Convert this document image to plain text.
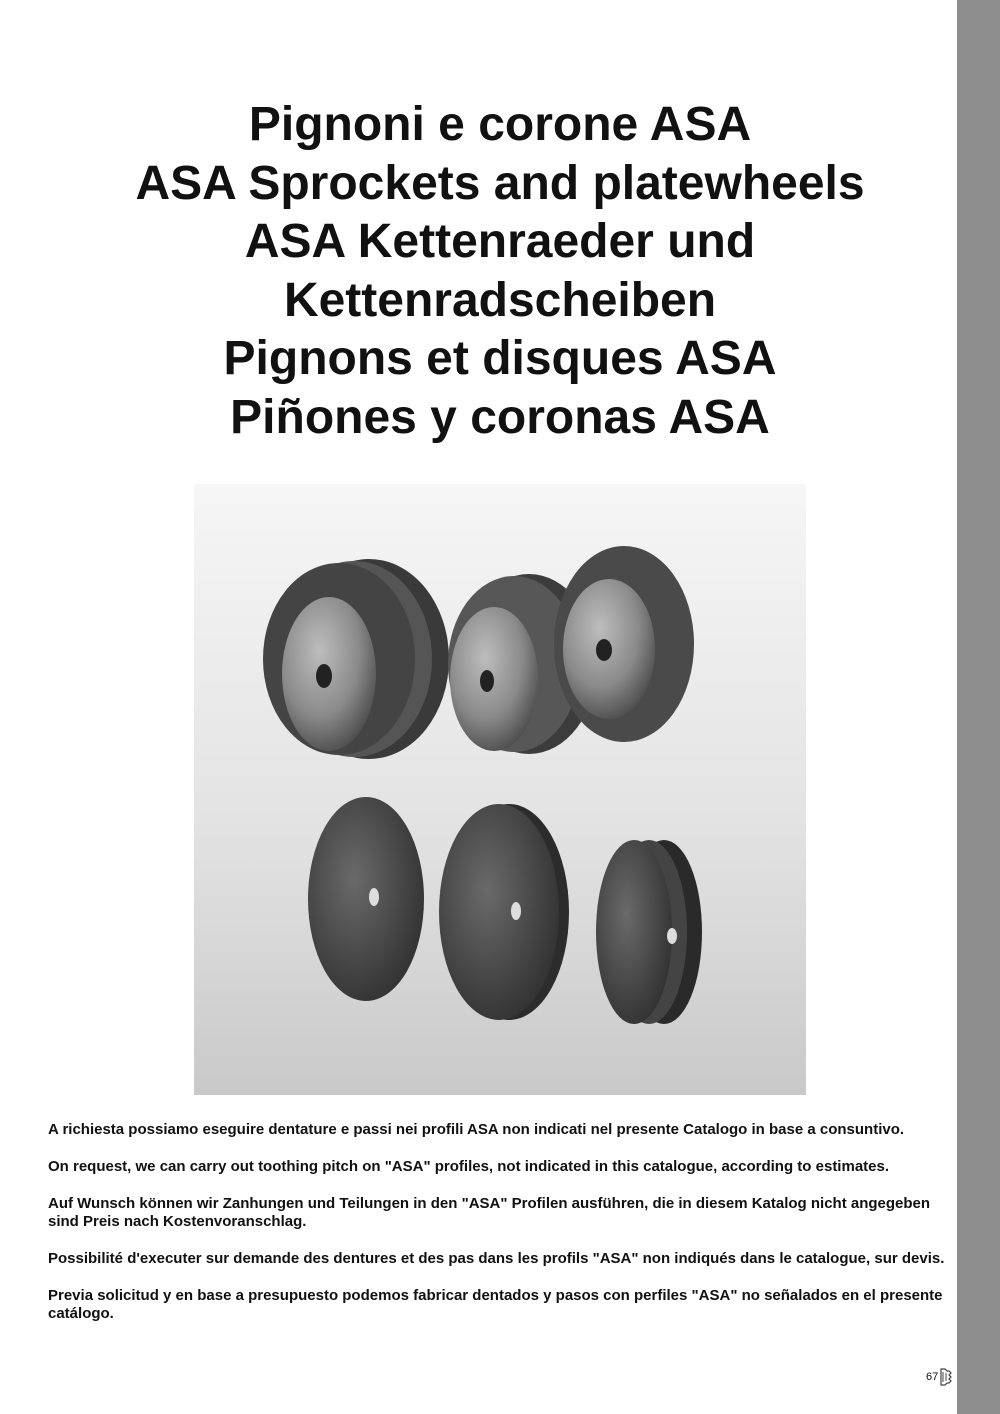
Pignoni e corone ASA
ASA Sprockets and platewheels
ASA Kettenraeder und
Kettenradscheiben
Pignons et disques ASA
Piñones y coronas ASA

A richiesta possiamo eseguire dentature e passi nei profili ASA non indicati nel presente Catalogo in base a consuntivo.

On request, we can carry out toothing pitch on "ASA" profiles, not indicated in this catalogue, according to estimates.

Auf Wunsch können wir Zanhungen und Teilungen in den "ASA" Profilen ausführen, die in diesem Katalog nicht angegeben sind Preis nach Kostenvoranschlag.

Possibilité d'executer sur demande des dentures et des pas dans les profils "ASA" non indiqués dans le catalogue, sur devis.

Previa solicitud y en base a presupuesto podemos fabricar dentados y pasos con perfiles "ASA" no señalados en el presente catálogo.

67
